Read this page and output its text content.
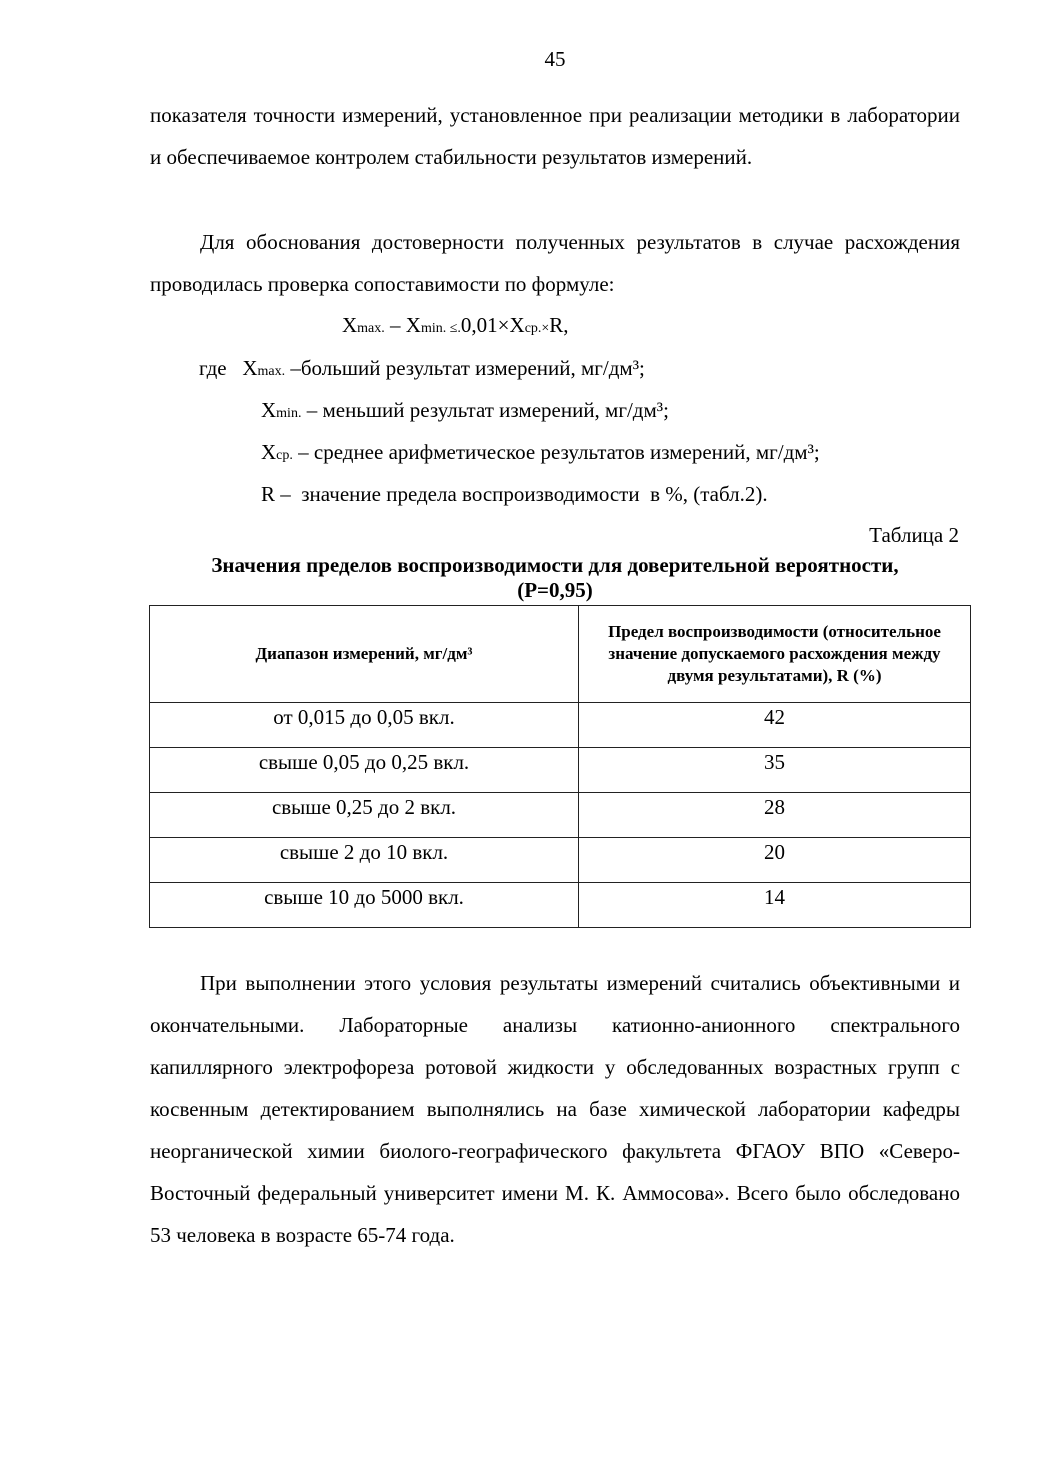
45

показателя точности измерений, установленное при реализации методики в лаборатории и обеспечиваемое контролем стабильности результатов измерений.

Для обоснования достоверности полученных результатов в случае расхождения проводилась проверка сопоставимости по формуле:

Xmax. – Xmin. ≤.0,01×Xср.×R,
где   Xmax. –больший результат измерений, мг/дм³;
Xmin. – меньший результат измерений, мг/дм³;
Xср. – среднее арифметическое результатов измерений, мг/дм³;
R –  значение предела воспроизводимости  в %, (табл.2).
Таблица 2
Значения пределов воспроизводимости для доверительной вероятности,
(P=0,95)
Диапазон измерений, мг/дм³	Предел воспроизводимости (относительное значение допускаемого расхождения между двумя результатами), R (%)
от 0,015 до 0,05 вкл.	42
свыше 0,05 до 0,25 вкл.	35
свыше 0,25 до 2 вкл.	28
свыше 2 до 10 вкл.	20
свыше 10 до 5000 вкл.	14

При выполнении этого условия результаты измерений считались объективными и окончательными. Лабораторные анализы катионно-анионного спектрального капиллярного электрофореза ротовой жидкости у обследованных возрастных групп с косвенным детектированием выполнялись на базе химической лаборатории кафедры неорганической химии биолого-географического факультета ФГАОУ ВПО «Северо-Восточный федеральный университет имени М. К. Аммосова». Всего было обследовано 53 человека в возрасте 65-74 года.
